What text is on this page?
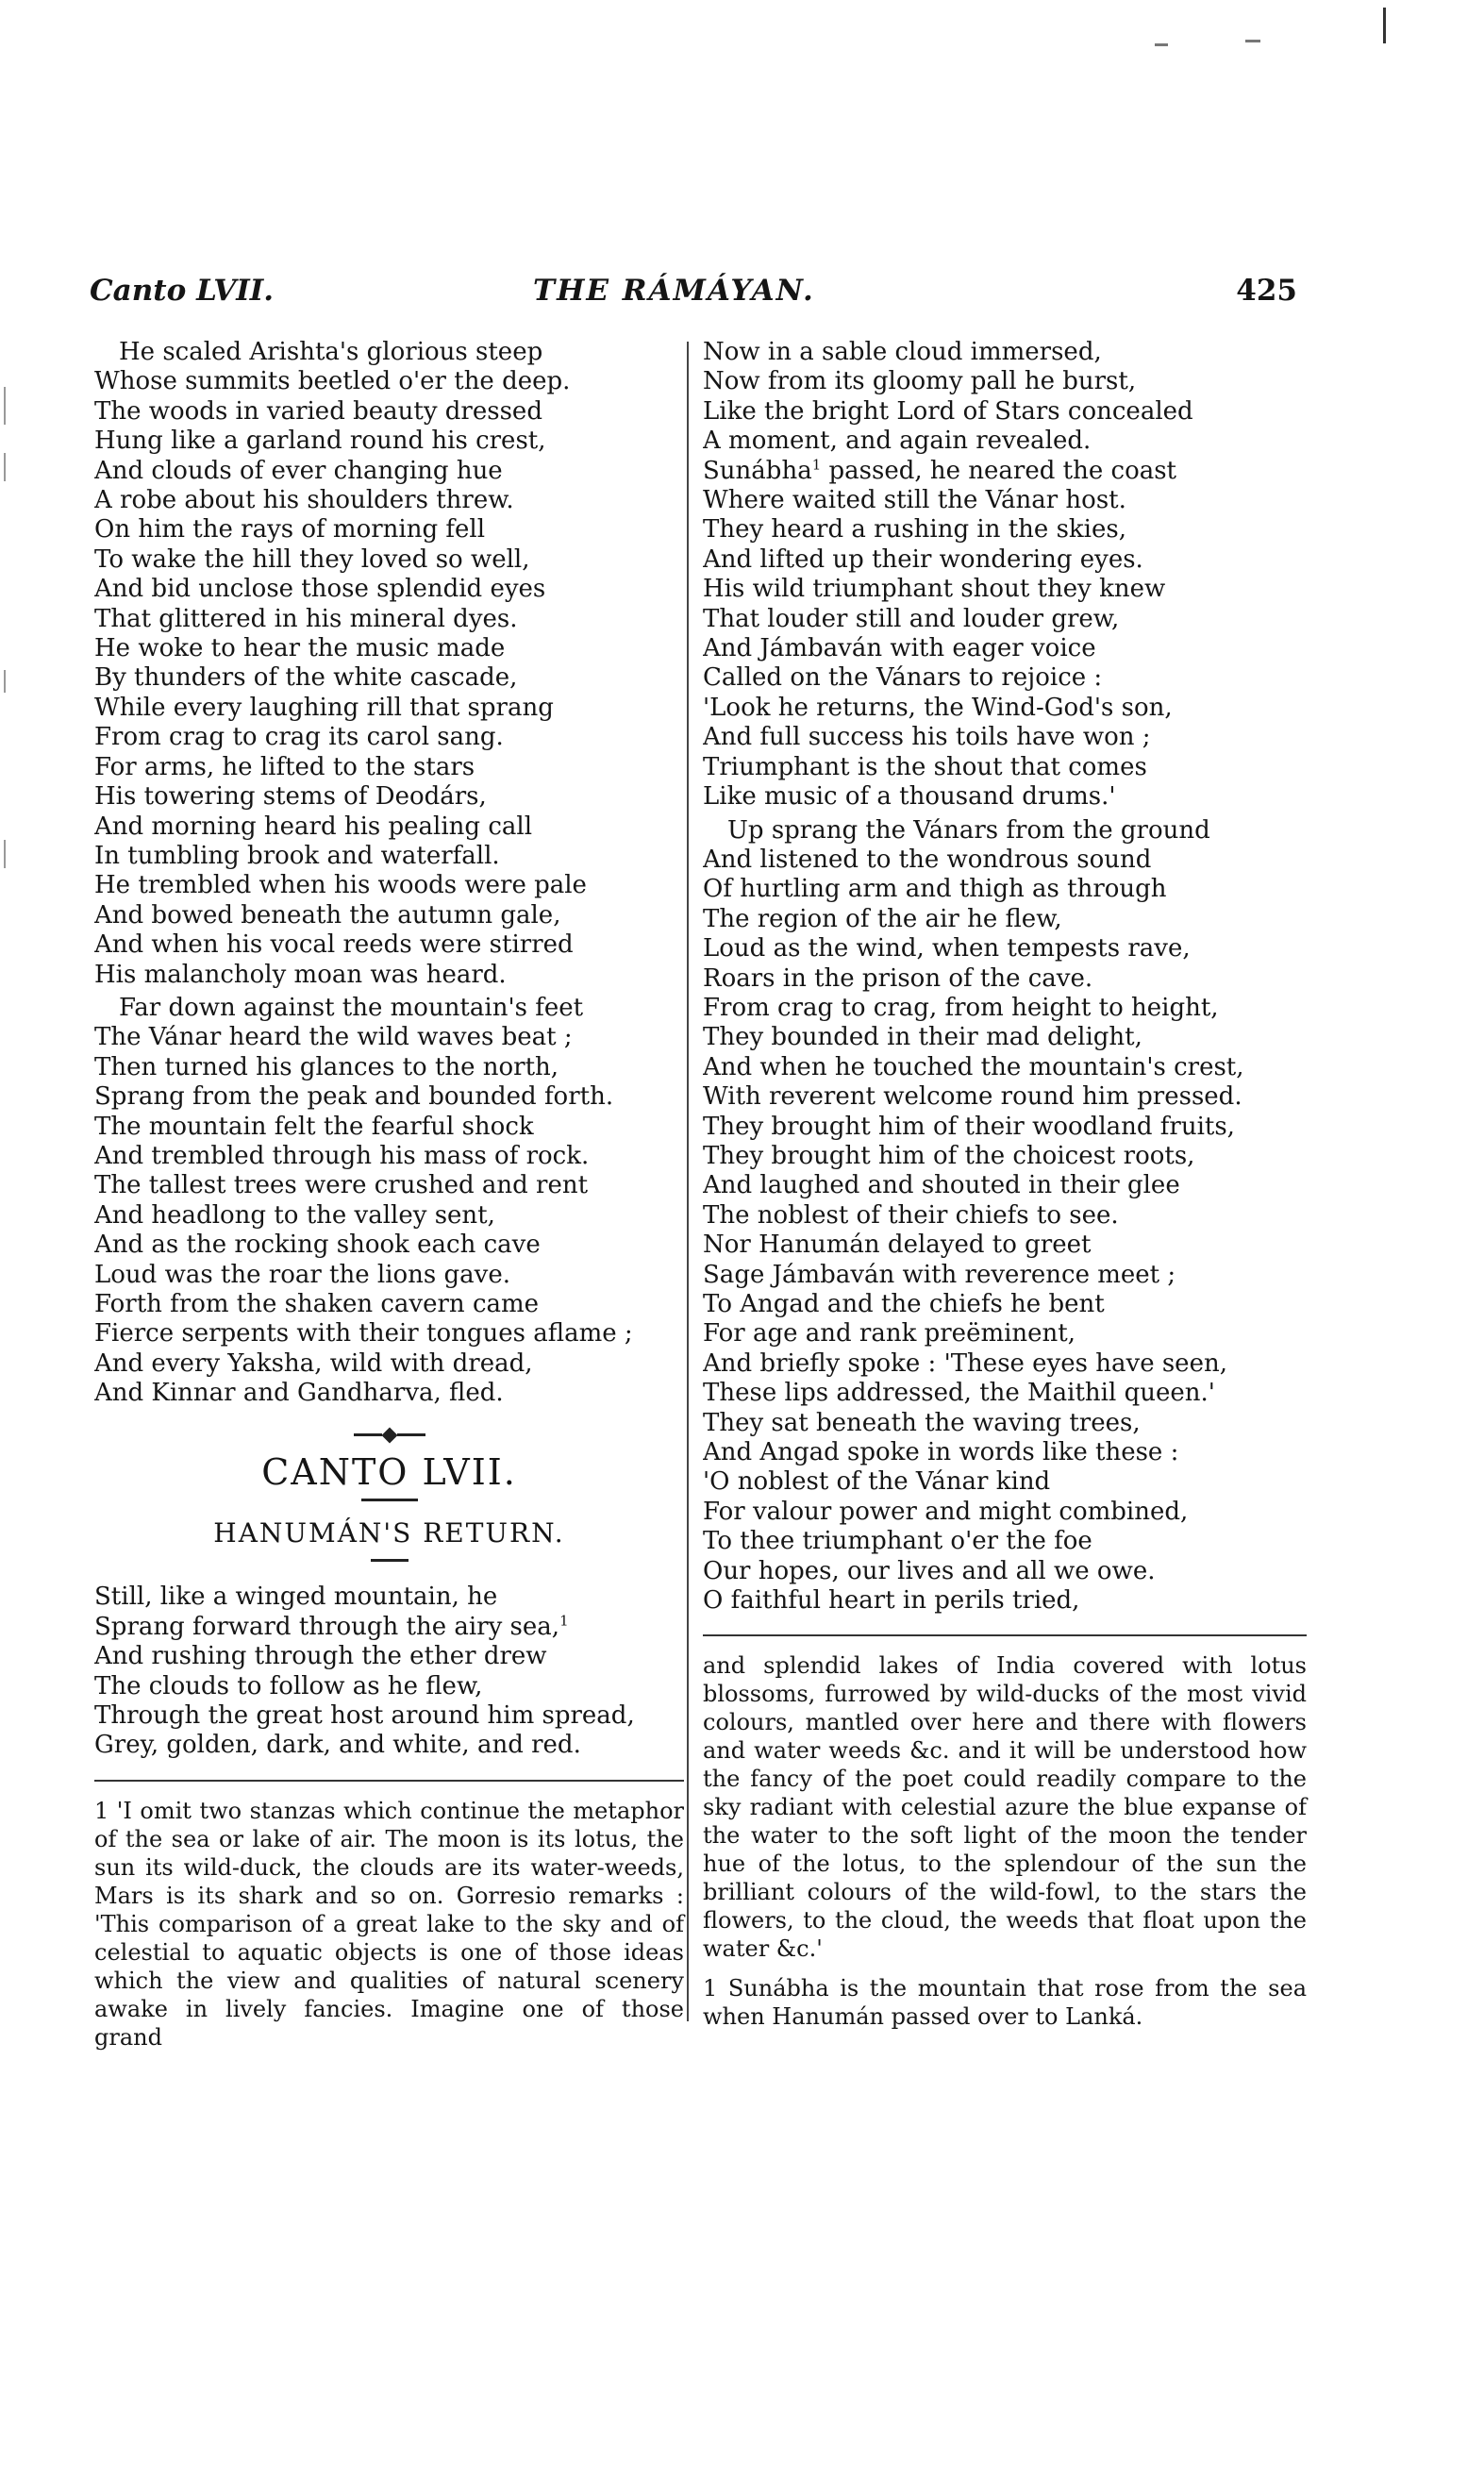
Canto LVII.	THE RÁMÁYAN.	425
He scaled Arishta's glorious steep
Whose summits beetled o'er the deep.
The woods in varied beauty dressed
Hung like a garland round his crest,
And clouds of ever changing hue
A robe about his shoulders threw.
On him the rays of morning fell
To wake the hill they loved so well,
And bid unclose those splendid eyes
That glittered in his mineral dyes.
He woke to hear the music made
By thunders of the white cascade,
While every laughing rill that sprang
From crag to crag its carol sang.
For arms, he lifted to the stars
His towering stems of Deodárs,
And morning heard his pealing call
In tumbling brook and waterfall.
He trembled when his woods were pale
And bowed beneath the autumn gale,
And when his vocal reeds were stirred
His malancholy moan was heard.
Far down against the mountain's feet
The Vánar heard the wild waves beat ;
Then turned his glances to the north,
Sprang from the peak and bounded forth.
The mountain felt the fearful shock
And trembled through his mass of rock.
The tallest trees were crushed and rent
And headlong to the valley sent,
And as the rocking shook each cave
Loud was the roar the lions gave.
Forth from the shaken cavern came
Fierce serpents with their tongues aflame ;
And every Yaksha, wild with dread,
And Kinnar and Gandharva, fled.
CANTO LVII.
HANUMÁN'S RETURN.
Still, like a winged mountain, he
Sprang forward through the airy sea,$^1$
And rushing through the ether drew
The clouds to follow as he flew,
Through the great host around him spread,
Grey, golden, dark, and white, and red.
1 'I omit two stanzas which continue the metaphor of the sea or lake of air. The moon is its lotus, the sun its wild-duck, the clouds are its water-weeds, Mars is its shark and so on. Gorresio remarks : 'This comparison of a great lake to the sky and of celestial to aquatic objects is one of those ideas which the view and qualities of natural scenery awake in lively fancies. Imagine one of those grand
Now in a sable cloud immersed,
Now from its gloomy pall he burst,
Like the bright Lord of Stars concealed
A moment, and again revealed.
Sunábha$^1$ passed, he neared the coast
Where waited still the Vánar host.
They heard a rushing in the skies,
And lifted up their wondering eyes.
His wild triumphant shout they knew
That louder still and louder grew,
And Jámbaván with eager voice
Called on the Vánars to rejoice :
'Look he returns, the Wind-God's son,
And full success his toils have won ;
Triumphant is the shout that comes
Like music of a thousand drums.'
Up sprang the Vánars from the ground
And listened to the wondrous sound
Of hurtling arm and thigh as through
The region of the air he flew,
Loud as the wind, when tempests rave,
Roars in the prison of the cave.
From crag to crag, from height to height,
They bounded in their mad delight,
And when he touched the mountain's crest,
With reverent welcome round him pressed.
They brought him of their woodland fruits,
They brought him of the choicest roots,
And laughed and shouted in their glee
The noblest of their chiefs to see.
Nor Hanumán delayed to greet
Sage Jámbaván with reverence meet ;
To Angad and the chiefs he bent
For age and rank preëminent,
And briefly spoke : 'These eyes have seen,
These lips addressed, the Maithil queen.'
They sat beneath the waving trees,
And Angad spoke in words like these :
'O noblest of the Vánar kind
For valour power and might combined,
To thee triumphant o'er the foe
Our hopes, our lives and all we owe.
O faithful heart in perils tried,
and splendid lakes of India covered with lotus blossoms, furrowed by wild-ducks of the most vivid colours, mantled over here and there with flowers and water weeds &c. and it will be understood how the fancy of the poet could readily compare to the sky radiant with celestial azure the blue expanse of the water to the soft light of the moon the tender hue of the lotus, to the splendour of the sun the brilliant colours of the wild-fowl, to the stars the flowers, to the cloud, the weeds that float upon the water &c.'
1 Sunábha is the mountain that rose from the sea when Hanumán passed over to Lanká.
